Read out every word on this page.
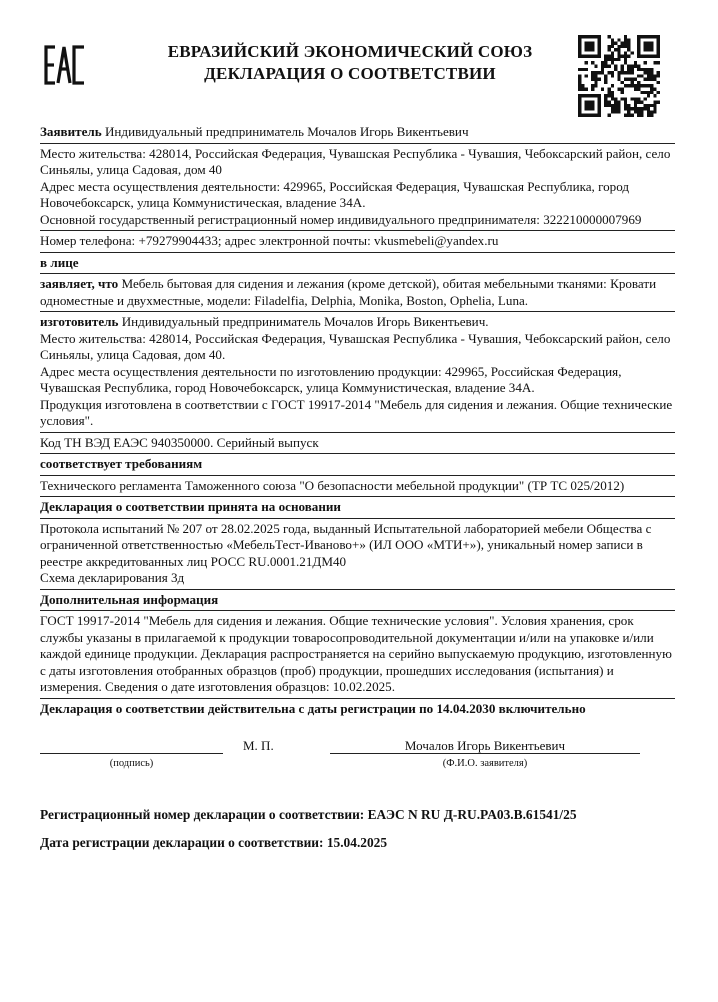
ЕВРАЗИЙСКИЙ ЭКОНОМИЧЕСКИЙ СОЮЗ
ДЕКЛАРАЦИЯ О СООТВЕТСТВИИ

Заявитель Индивидуальный предприниматель Мочалов Игорь Викентьевич

Место жительства: 428014, Российская Федерация, Чувашская Республика - Чувашия, Чебоксарский район, село Синьялы, улица Садовая, дом 40

Адрес места осуществления деятельности: 429965, Российская Федерация, Чувашская Республика, город Новочебоксарск, улица Коммунистическая, владение 34А.

Основной государственный регистрационный номер индивидуального предпринимателя: 322210000007969

Номер телефона: +79279904433; адрес электронной почты: vkusmebeli@yandex.ru

в лице

заявляет, что Мебель бытовая для сидения и лежания (кроме детской), обитая мебельными тканями: Кровати одноместные и двухместные, модели: Filadelfia, Delphia, Monika, Boston, Ophelia, Luna.

изготовитель Индивидуальный предприниматель Мочалов Игорь Викентьевич.

Место жительства: 428014, Российская Федерация, Чувашская Республика - Чувашия, Чебоксарский район, село Синьялы, улица Садовая, дом 40.

Адрес места осуществления деятельности по изготовлению продукции: 429965, Российская Федерация, Чувашская Республика, город Новочебоксарск, улица Коммунистическая, владение 34А.

Продукция изготовлена в соответствии с ГОСТ 19917-2014 "Мебель для сидения и лежания. Общие технические условия".

Код ТН ВЭД ЕАЭС 940350000. Серийный выпуск

соответствует требованиям

Технического регламента Таможенного союза "О безопасности мебельной продукции" (ТР ТС 025/2012)

Декларация о соответствии принята на основании

Протокола испытаний № 207 от 28.02.2025 года, выданный Испытательной лабораторией мебели Общества с ограниченной ответственностью «МебельТест-Иваново+» (ИЛ ООО «МТИ+»), уникальный номер записи в реестре аккредитованных лиц РОСС RU.0001.21ДМ40

Схема декларирования 3д

Дополнительная информация

ГОСТ 19917-2014 "Мебель для сидения и лежания. Общие технические условия". Условия хранения, срок службы указаны в прилагаемой к продукции товаросопроводительной документации и/или на упаковке и/или каждой единице продукции. Декларация распространяется на серийно выпускаемую продукцию, изготовленную с даты изготовления отобранных образцов (проб) продукции, прошедших исследования (испытания) и измерения. Сведения о дате изготовления образцов: 10.02.2025.

Декларация о соответствии действительна с даты регистрации по 14.04.2030 включительно

(подпись)
М. П.	Мочалов Игорь Викентьевич
(Ф.И.О. заявителя)
Регистрационный номер декларации о соответствии: ЕАЭС N RU Д-RU.PA03.B.61541/25
Дата регистрации декларации о соответствии: 15.04.2025
